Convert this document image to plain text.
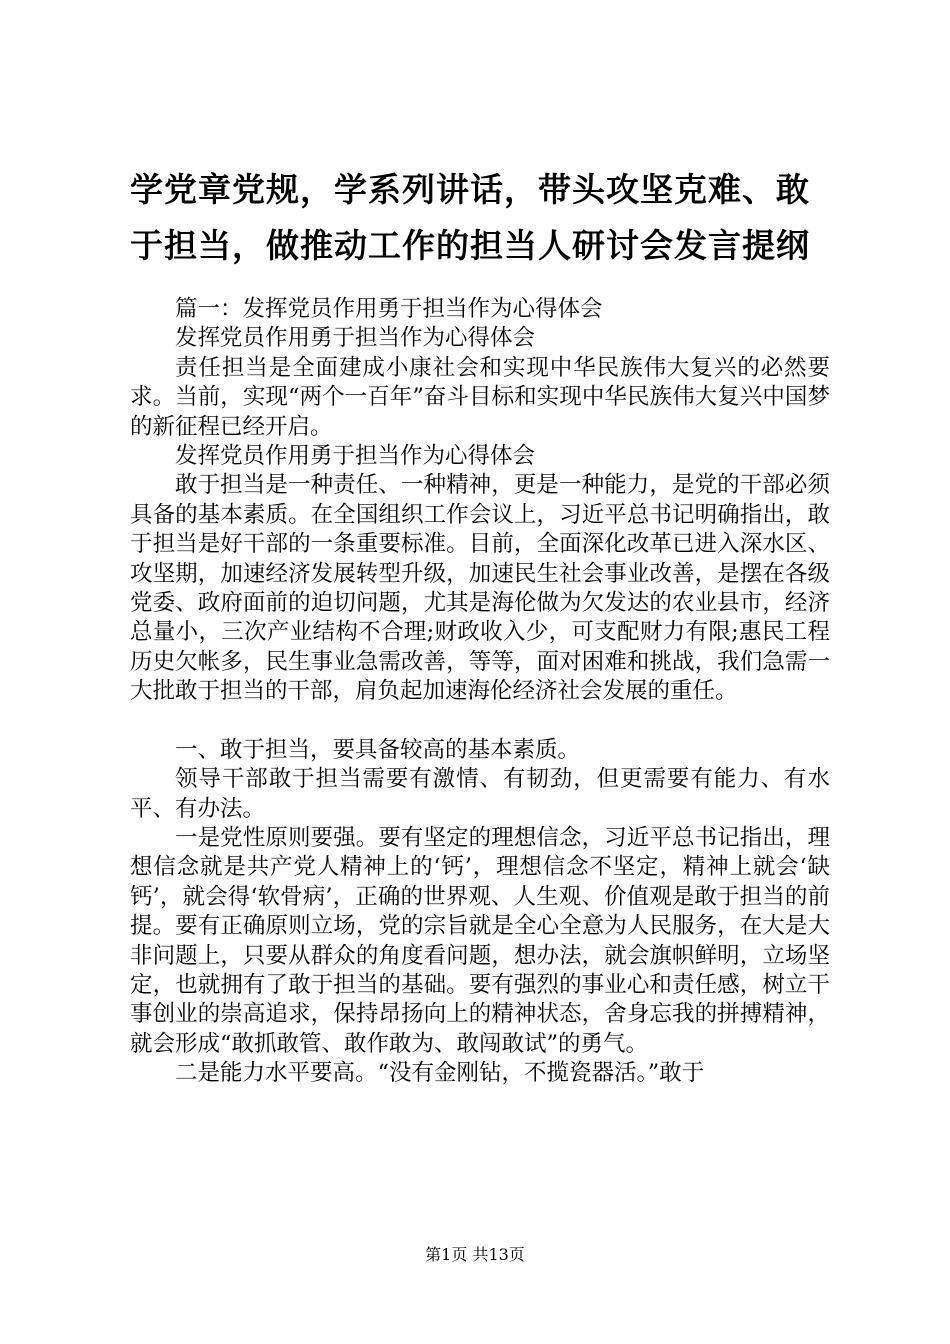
学党章党规，学系列讲话，带头攻坚克难、敢于担当，做推动工作的担当人研讨会发言提纲

篇一：发挥党员作用勇于担当作为心得体会

发挥党员作用勇于担当作为心得体会

责任担当是全面建成小康社会和实现中华民族伟大复兴的必然要求。当前，实现“两个一百年”奋斗目标和实现中华民族伟大复兴中国梦的新征程已经开启。

发挥党员作用勇于担当作为心得体会

敢于担当是一种责任、一种精神，更是一种能力，是党的干部必须具备的基本素质。在全国组织工作会议上，习近平总书记明确指出，敢于担当是好干部的一条重要标准。目前，全面深化改革已进入深水区、攻坚期，加速经济发展转型升级，加速民生社会事业改善，是摆在各级党委、政府面前的迫切问题，尤其是海伦做为欠发达的农业县市，经济总量小，三次产业结构不合理;财政收入少，可支配财力有限;惠民工程历史欠帐多，民生事业急需改善，等等，面对困难和挑战，我们急需一大批敢于担当的干部，肩负起加速海伦经济社会发展的重任。

一、敢于担当，要具备较高的基本素质。

领导干部敢于担当需要有激情、有韧劲，但更需要有能力、有水平、有办法。

一是党性原则要强。要有坚定的理想信念，习近平总书记指出，理想信念就是共产党人精神上的‘钙’，理想信念不坚定，精神上就会‘缺钙’，就会得‘软骨病’，正确的世界观、人生观、价值观是敢于担当的前提。要有正确原则立场，党的宗旨就是全心全意为人民服务，在大是大非问题上，只要从群众的角度看问题，想办法，就会旗帜鲜明，立场坚定，也就拥有了敢于担当的基础。要有强烈的事业心和责任感，树立干事创业的崇高追求，保持昂扬向上的精神状态，舍身忘我的拼搏精神，就会形成“敢抓敢管、敢作敢为、敢闯敢试”的勇气。

二是能力水平要高。“没有金刚钻，不揽瓷器活。”敢于

第1页 共13页
